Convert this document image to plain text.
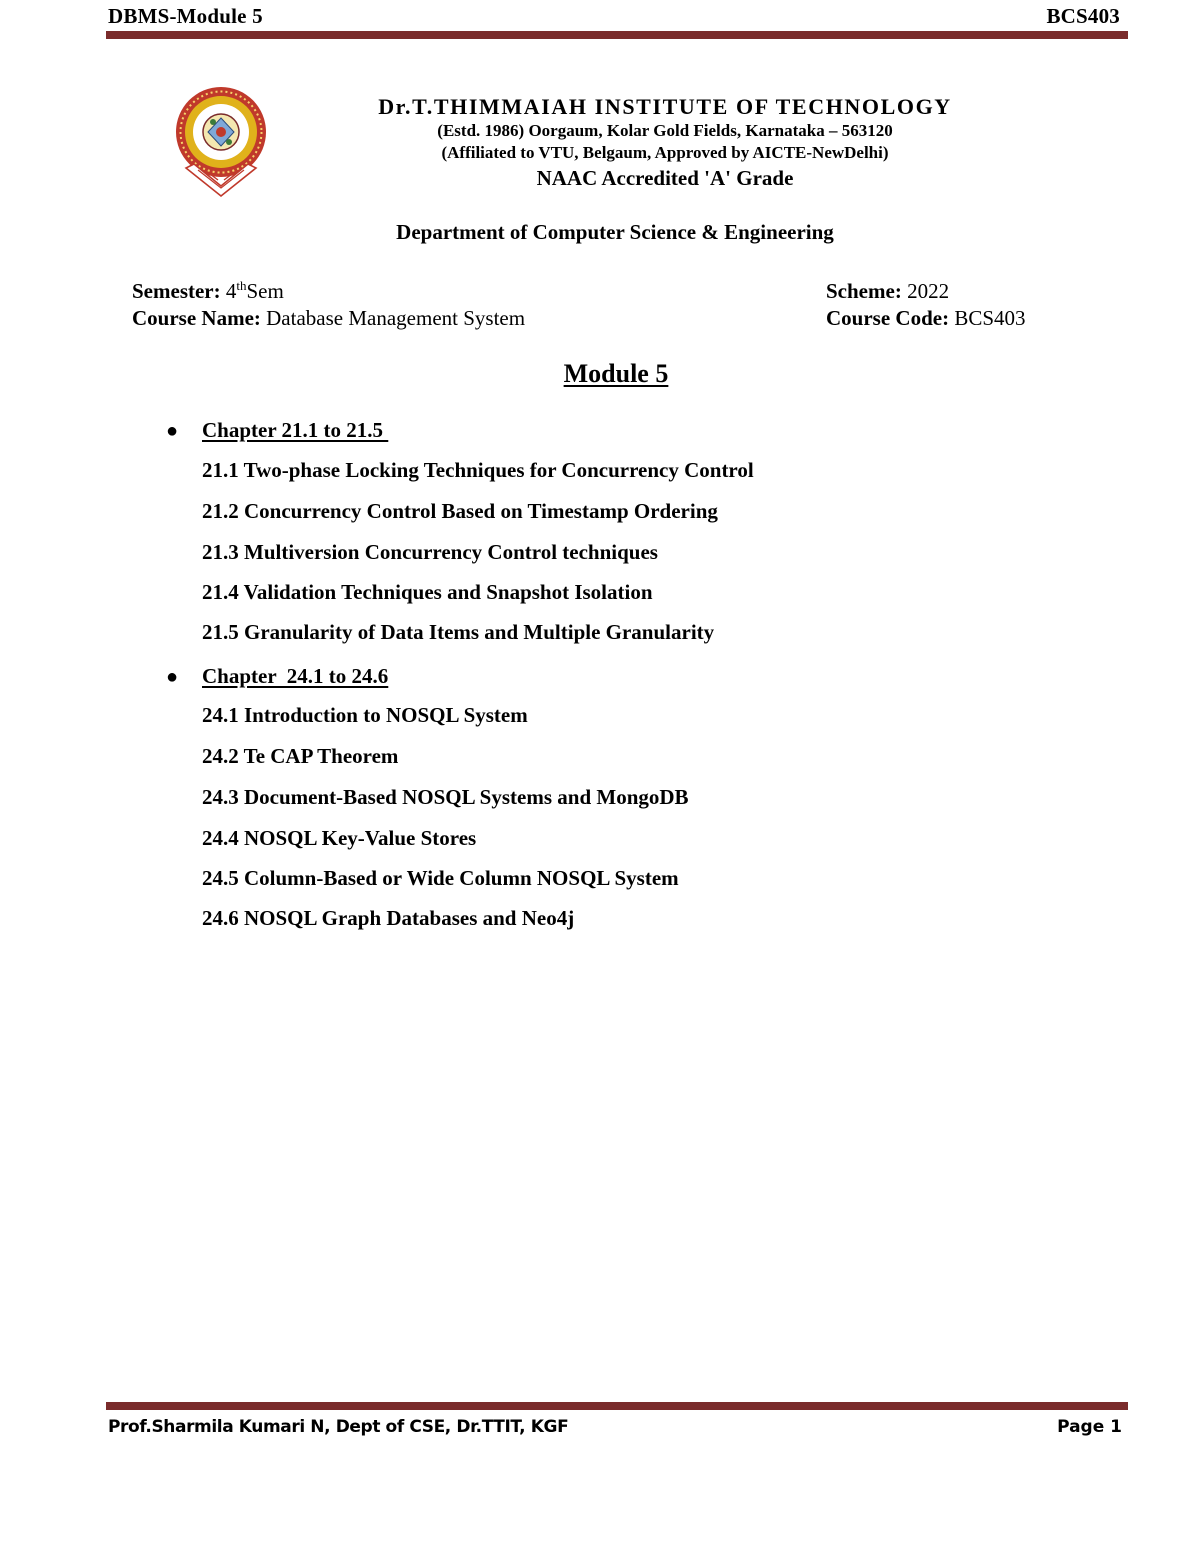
DBMS-Module 5	BCS403
Dr.T.THIMMAIAH INSTITUTE OF TECHNOLOGY
(Estd. 1986) Oorgaum, Kolar Gold Fields, Karnataka – 563120
(Affiliated to VTU, Belgaum, Approved by AICTE-NewDelhi)
NAAC Accredited 'A' Grade
Department of Computer Science & Engineering
Semester: 4thSem
Course Name: Database Management System
Scheme: 2022
Course Code: BCS403
Module 5
● Chapter 21.1 to 21.5
21.1 Two-phase Locking Techniques for Concurrency Control
21.2 Concurrency Control Based on Timestamp Ordering
21.3 Multiversion Concurrency Control techniques
21.4 Validation Techniques and Snapshot Isolation
21.5 Granularity of Data Items and Multiple Granularity
● Chapter  24.1 to 24.6
24.1 Introduction to NOSQL System
24.2 Te CAP Theorem
24.3 Document-Based NOSQL Systems and MongoDB
24.4 NOSQL Key-Value Stores
24.5 Column-Based or Wide Column NOSQL System
24.6 NOSQL Graph Databases and Neo4j
Prof.Sharmila Kumari N, Dept of CSE, Dr.TTIT, KGF	Page 1
